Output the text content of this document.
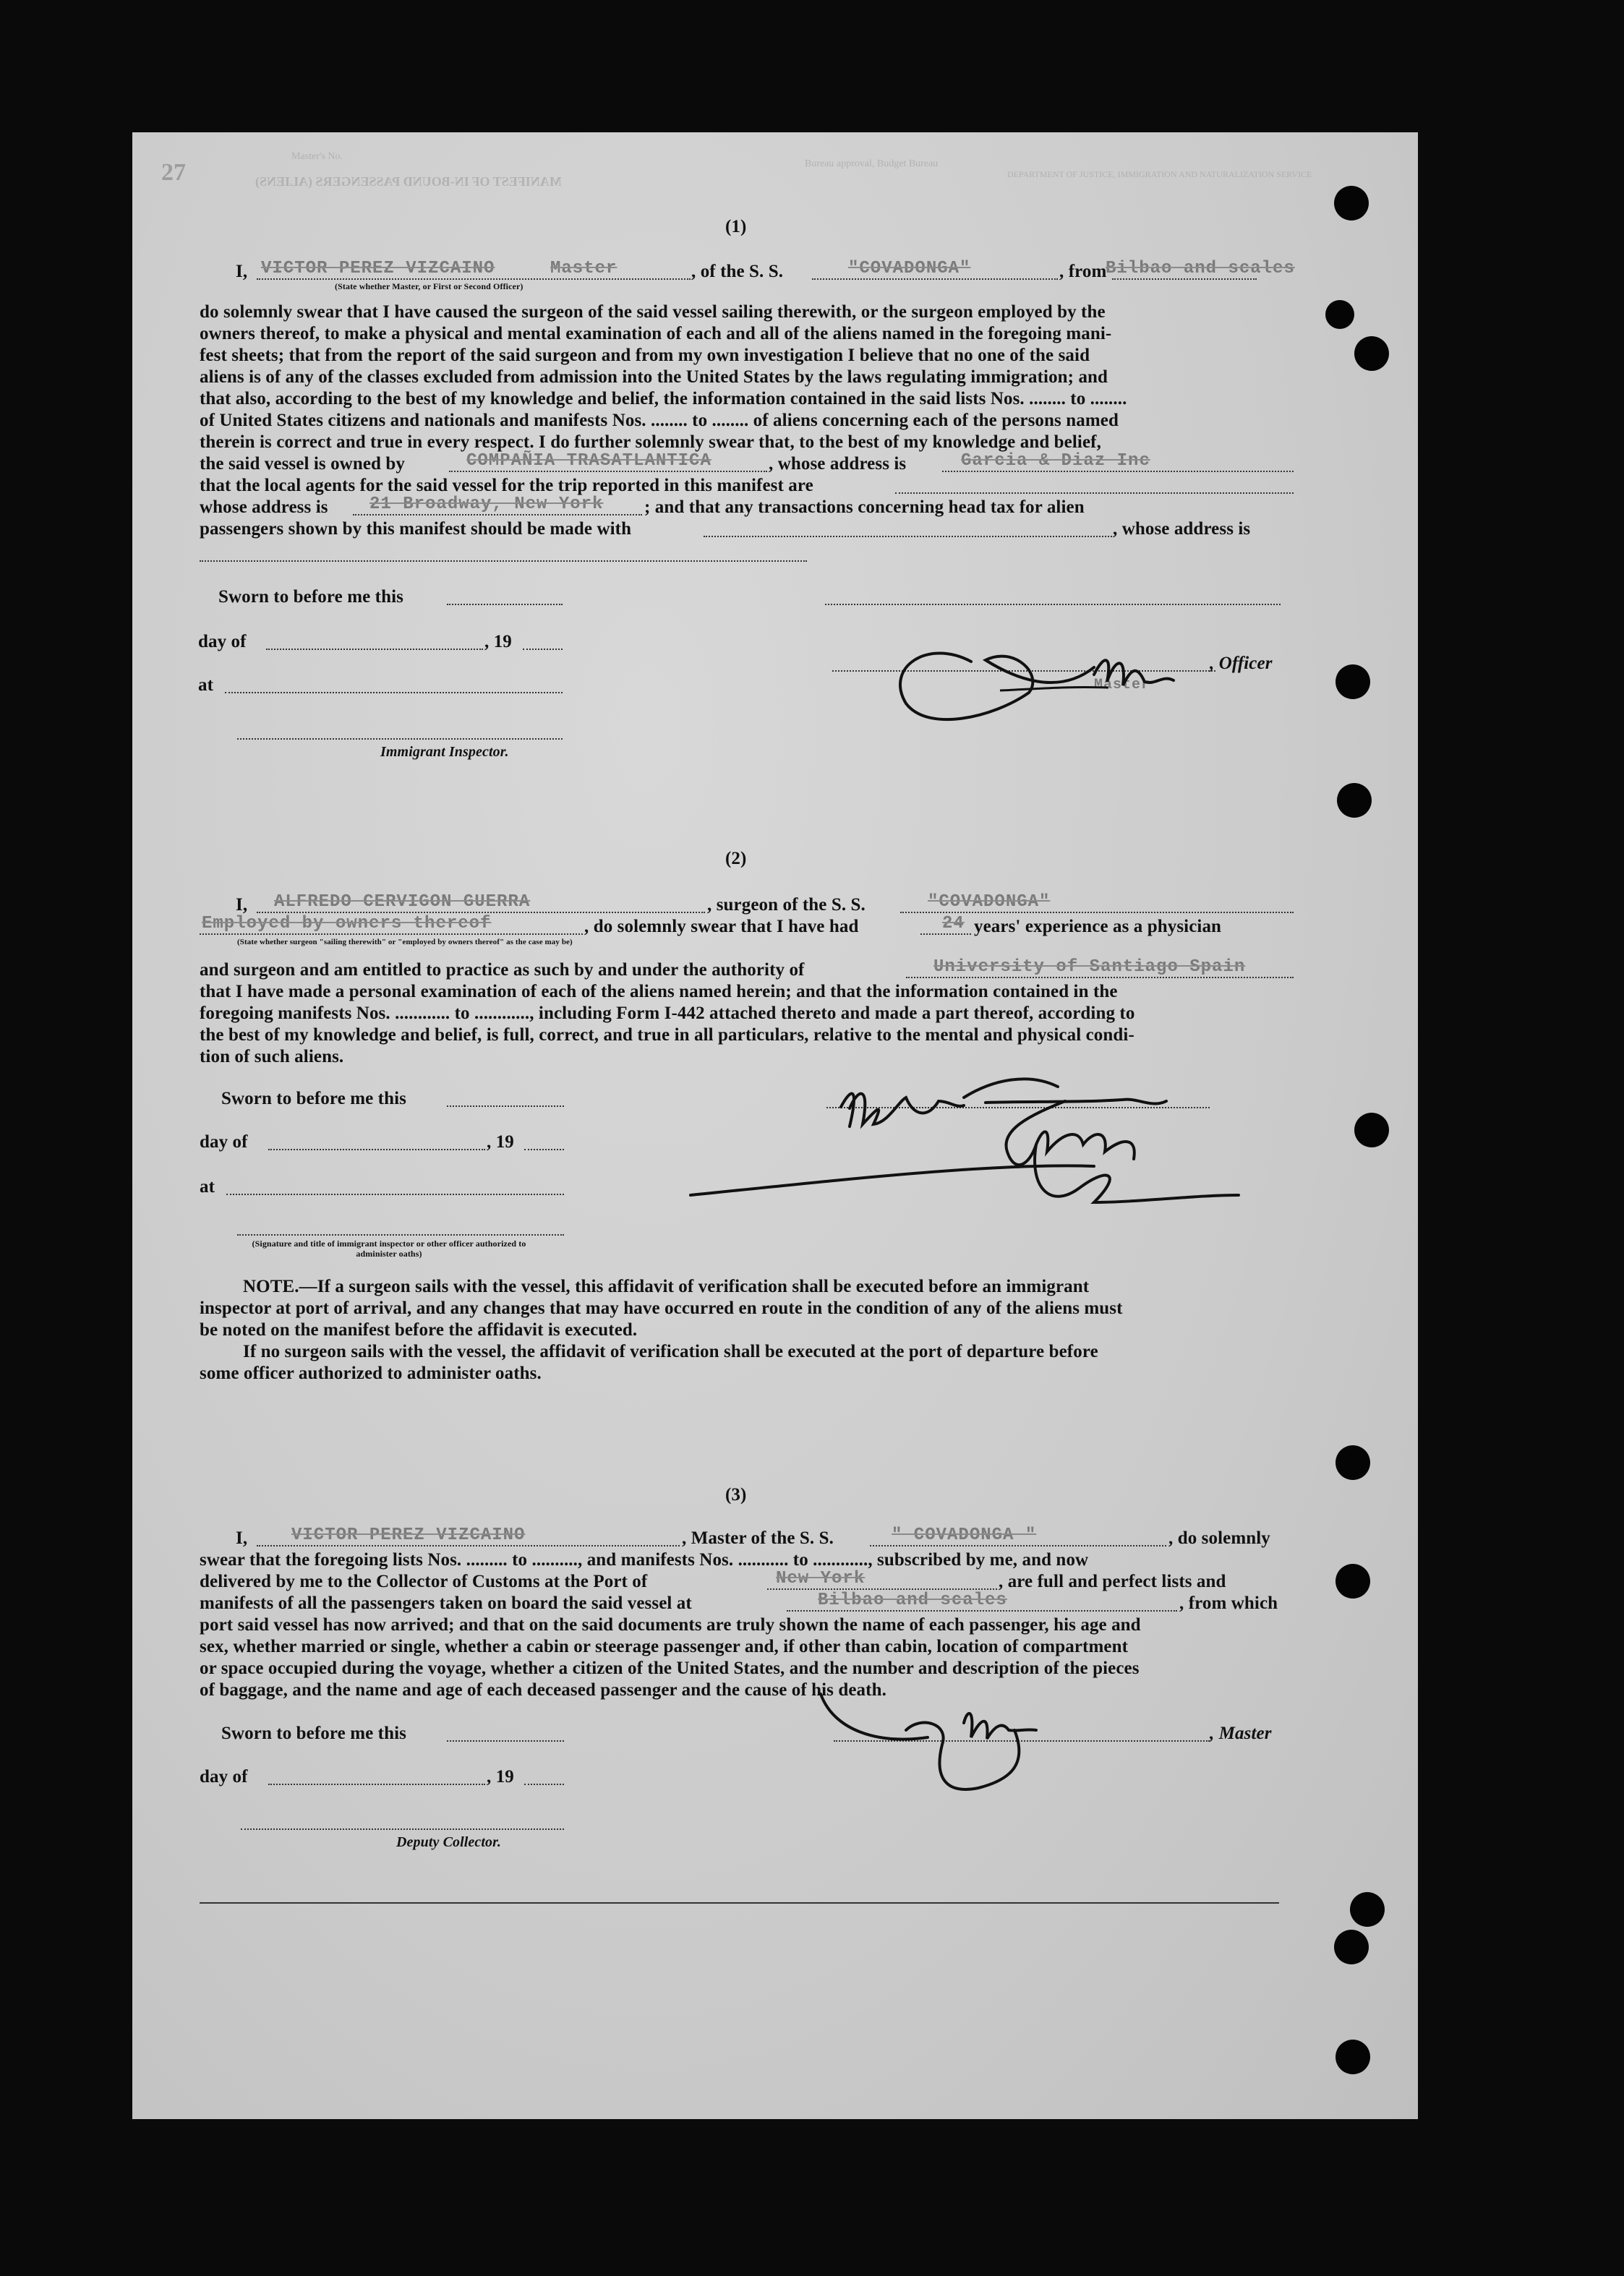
27
Master's No.
MANIFEST OF IN-BOUND PASSENGERS (ALIENS)
Bureau approval, Budget Bureau
DEPARTMENT OF JUSTICE, IMMIGRATION AND NATURALIZATION SERVICE
(1)
I, VICTOR PEREZ VIZCAINO	Master	, of the S. S.	"COVADONGA"	, from
Bilbao and scales
(State whether Master, or First or Second Officer)
do solemnly swear that I have caused the surgeon of the said vessel sailing therewith, or the surgeon employed by the
owners thereof, to make a physical and mental examination of each and all of the aliens named in the foregoing mani-
fest sheets; that from the report of the said surgeon and from my own investigation I believe that no one of the said
aliens is of any of the classes excluded from admission into the United States by the laws regulating immigration; and
that also, according to the best of my knowledge and belief, the information contained in the said lists Nos. ........ to ........
of United States citizens and nationals and manifests Nos. ........ to ........ of aliens concerning each of the persons named
therein is correct and true in every respect. I do further solemnly swear that, to the best of my knowledge and belief,
the said vessel is owned by	COMPAÑIA TRASATLANTICA	, whose address is	Garcia & Diaz Inc
that the local agents for the said vessel for the trip reported in this manifest are
whose address is 21 Broadway, New York ; and that any transactions concerning head tax for alien
passengers shown by this manifest should be made with	, whose address is
Sworn to before me this
day of	, 19
at
Immigrant Inspector.
, Officer
Master
(2)
I, ALFREDO CERVIGON GUERRA	, surgeon of the S. S.	"COVADONGA"
Employed by owners thereof	, do solemnly swear that I have had	24 years' experience as a physician
(State whether surgeon "sailing therewith" or "employed by owners thereof" as the case may be)
and surgeon and am entitled to practice as such by and under the authority of	University of Santiago Spain
that I have made a personal examination of each of the aliens named herein; and that the information contained in the
foregoing manifests Nos. ............ to ............, including Form I-442 attached thereto and made a part thereof, according to
the best of my knowledge and belief, is full, correct, and true in all particulars, relative to the mental and physical condi-
tion of such aliens.
Sworn to before me this
day of	, 19
at
(Signature and title of immigrant inspector or other officer authorized to administer oaths)
NOTE.—If a surgeon sails with the vessel, this affidavit of verification shall be executed before an immigrant
inspector at port of arrival, and any changes that may have occurred en route in the condition of any of the aliens must
be noted on the manifest before the affidavit is executed.
If no surgeon sails with the vessel, the affidavit of verification shall be executed at the port of departure before
some officer authorized to administer oaths.
(3)
I,	VICTOR PEREZ VIZCAINO	, Master of the S. S.	" COVADONGA "	, do solemnly
swear that the foregoing lists Nos. ......... to .........., and manifests Nos. ........... to ............, subscribed by me, and now
delivered by me to the Collector of Customs at the Port of	New York	, are full and perfect lists and
manifests of all the passengers taken on board the said vessel at	Bilbao and scales	, from which
port said vessel has now arrived; and that on the said documents are truly shown the name of each passenger, his age and
sex, whether married or single, whether a cabin or steerage passenger and, if other than cabin, location of compartment
or space occupied during the voyage, whether a citizen of the United States, and the number and description of the pieces
of baggage, and the name and age of each deceased passenger and the cause of his death.
Sworn to before me this
day of	, 19
Deputy Collector.
, Master
